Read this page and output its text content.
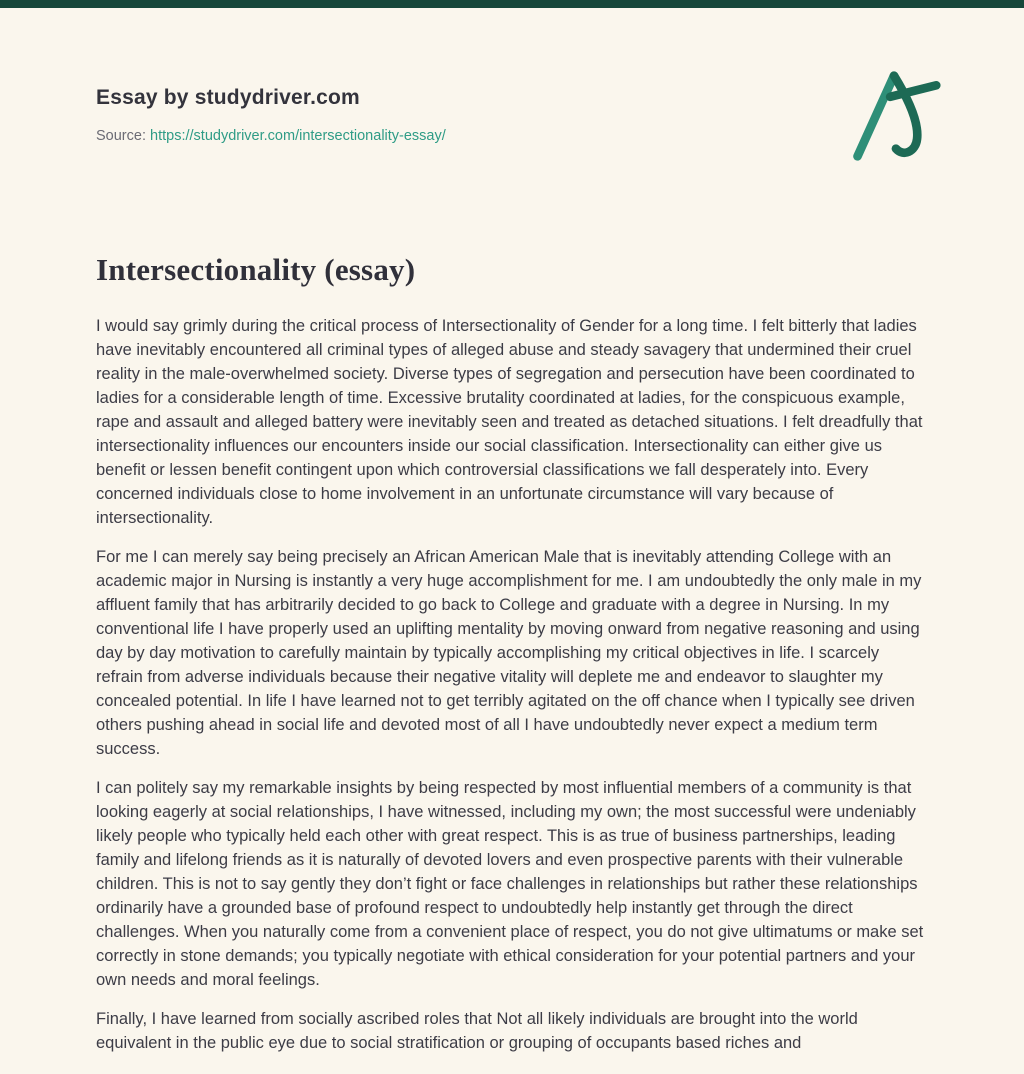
Essay by studydriver.com
Source: https://studydriver.com/intersectionality-essay/
Intersectionality (essay)

I would say grimly during the critical process of Intersectionality of Gender for a long time. I felt bitterly that ladies have inevitably encountered all criminal types of alleged abuse and steady savagery that undermined their cruel reality in the male-overwhelmed society. Diverse types of segregation and persecution have been coordinated to ladies for a considerable length of time. Excessive brutality coordinated at ladies, for the conspicuous example, rape and assault and alleged battery were inevitably seen and treated as detached situations. I felt dreadfully that intersectionality influences our encounters inside our social classification. Intersectionality can either give us benefit or lessen benefit contingent upon which controversial classifications we fall desperately into. Every concerned individuals close to home involvement in an unfortunate circumstance will vary because of intersectionality.

For me I can merely say being precisely an African American Male that is inevitably attending College with an academic major in Nursing is instantly a very huge accomplishment for me. I am undoubtedly the only male in my affluent family that has arbitrarily decided to go back to College and graduate with a degree in Nursing. In my conventional life I have properly used an uplifting mentality by moving onward from negative reasoning and using day by day motivation to carefully maintain by typically accomplishing my critical objectives in life. I scarcely refrain from adverse individuals because their negative vitality will deplete me and endeavor to slaughter my concealed potential. In life I have learned not to get terribly agitated on the off chance when I typically see driven others pushing ahead in social life and devoted most of all I have undoubtedly never expect a medium term success.

I can politely say my remarkable insights by being respected by most influential members of a community is that looking eagerly at social relationships, I have witnessed, including my own; the most successful were undeniably likely people who typically held each other with great respect. This is as true of business partnerships, leading family and lifelong friends as it is naturally of devoted lovers and even prospective parents with their vulnerable children. This is not to say gently they don’t fight or face challenges in relationships but rather these relationships ordinarily have a grounded base of profound respect to undoubtedly help instantly get through the direct challenges. When you naturally come from a convenient place of respect, you do not give ultimatums or make set correctly in stone demands; you typically negotiate with ethical consideration for your potential partners and your own needs and moral feelings.

Finally, I have learned from socially ascribed roles that Not all likely individuals are brought into the world equivalent in the public eye due to social stratification or grouping of occupants based riches and
